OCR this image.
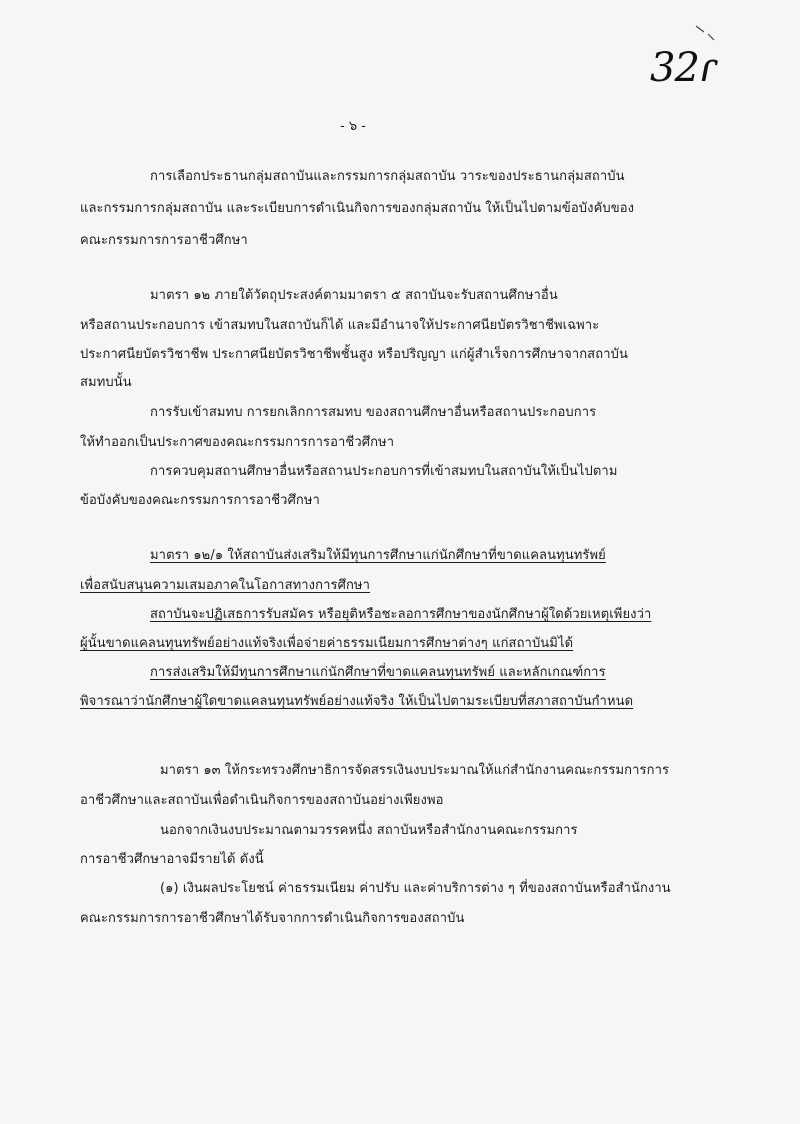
32ɾ
- ๖ -
การเลือกประธานกลุ่มสถาบันและกรรมการกลุ่มสถาบัน วาระของประธานกลุ่มสถาบัน
และกรรมการกลุ่มสถาบัน และระเบียบการดำเนินกิจการของกลุ่มสถาบัน ให้เป็นไปตามข้อบังคับของ
คณะกรรมการการอาชีวศึกษา
มาตรา ๑๒ ภายใต้วัตถุประสงค์ตามมาตรา ๕ สถาบันจะรับสถานศึกษาอื่น
หรือสถานประกอบการ เข้าสมทบในสถาบันก็ได้ และมีอำนาจให้ประกาศนียบัตรวิชาชีพเฉพาะ
ประกาศนียบัตรวิชาชีพ ประกาศนียบัตรวิชาชีพชั้นสูง หรือปริญญา แก่ผู้สำเร็จการศึกษาจากสถาบัน
สมทบนั้น
การรับเข้าสมทบ การยกเลิกการสมทบ ของสถานศึกษาอื่นหรือสถานประกอบการ
ให้ทำออกเป็นประกาศของคณะกรรมการการอาชีวศึกษา
การควบคุมสถานศึกษาอื่นหรือสถานประกอบการที่เข้าสมทบในสถาบันให้เป็นไปตาม
ข้อบังคับของคณะกรรมการการอาชีวศึกษา
มาตรา ๑๒/๑ ให้สถาบันส่งเสริมให้มีทุนการศึกษาแก่นักศึกษาที่ขาดแคลนทุนทรัพย์
เพื่อสนับสนุนความเสมอภาคในโอกาสทางการศึกษา
สถาบันจะปฏิเสธการรับสมัคร หรือยุติหรือชะลอการศึกษาของนักศึกษาผู้ใดด้วยเหตุเพียงว่า
ผู้นั้นขาดแคลนทุนทรัพย์อย่างแท้จริงเพื่อจ่ายค่าธรรมเนียมการศึกษาต่างๆ แก่สถาบันมิได้
การส่งเสริมให้มีทุนการศึกษาแก่นักศึกษาที่ขาดแคลนทุนทรัพย์ และหลักเกณฑ์การ
พิจารณาว่านักศึกษาผู้ใดขาดแคลนทุนทรัพย์อย่างแท้จริง ให้เป็นไปตามระเบียบที่สภาสถาบันกำหนด
มาตรา ๑๓ ให้กระทรวงศึกษาธิการจัดสรรเงินงบประมาณให้แก่สำนักงานคณะกรรมการการ
อาชีวศึกษาและสถาบันเพื่อดำเนินกิจการของสถาบันอย่างเพียงพอ
นอกจากเงินงบประมาณตามวรรคหนึ่ง สถาบันหรือสำนักงานคณะกรรมการ
การอาชีวศึกษาอาจมีรายได้ ดังนี้
(๑) เงินผลประโยชน์ ค่าธรรมเนียม ค่าปรับ และค่าบริการต่าง ๆ ที่ของสถาบันหรือสำนักงาน
คณะกรรมการการอาชีวศึกษาได้รับจากการดำเนินกิจการของสถาบัน
